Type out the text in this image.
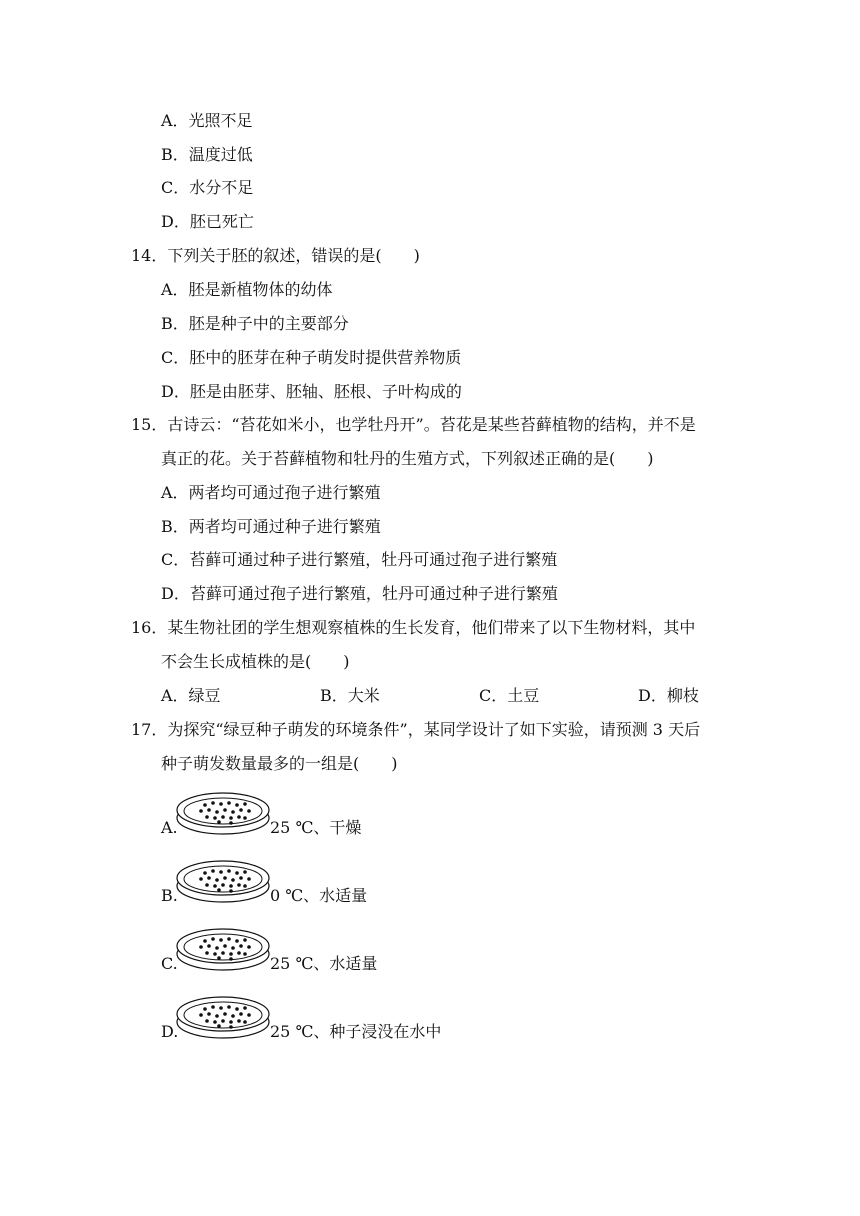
A．光照不足
B．温度过低
C．水分不足
D．胚已死亡
14．下列关于胚的叙述，错误的是(　　)
A．胚是新植物体的幼体
B．胚是种子中的主要部分
C．胚中的胚芽在种子萌发时提供营养物质
D．胚是由胚芽、胚轴、胚根、子叶构成的
15．古诗云：“苔花如米小，也学牡丹开”。苔花是某些苔藓植物的结构，并不是
真正的花。关于苔藓植物和牡丹的生殖方式，下列叙述正确的是(　　)
A．两者均可通过孢子进行繁殖
B．两者均可通过种子进行繁殖
C．苔藓可通过种子进行繁殖，牡丹可通过孢子进行繁殖
D．苔藓可通过孢子进行繁殖，牡丹可通过种子进行繁殖
16．某生物社团的学生想观察植株的生长发育，他们带来了以下生物材料，其中
不会生长成植株的是(　　)
A．绿豆	B．大米	C．土豆	D．柳枝
17．为探究“绿豆种子萌发的环境条件”，某同学设计了如下实验，请预测 3 天后
种子萌发数量最多的一组是(　　)
A.	25 ℃、干燥
B.	0 ℃、水适量
C.	25 ℃、水适量
D.	25 ℃、种子浸没在水中
